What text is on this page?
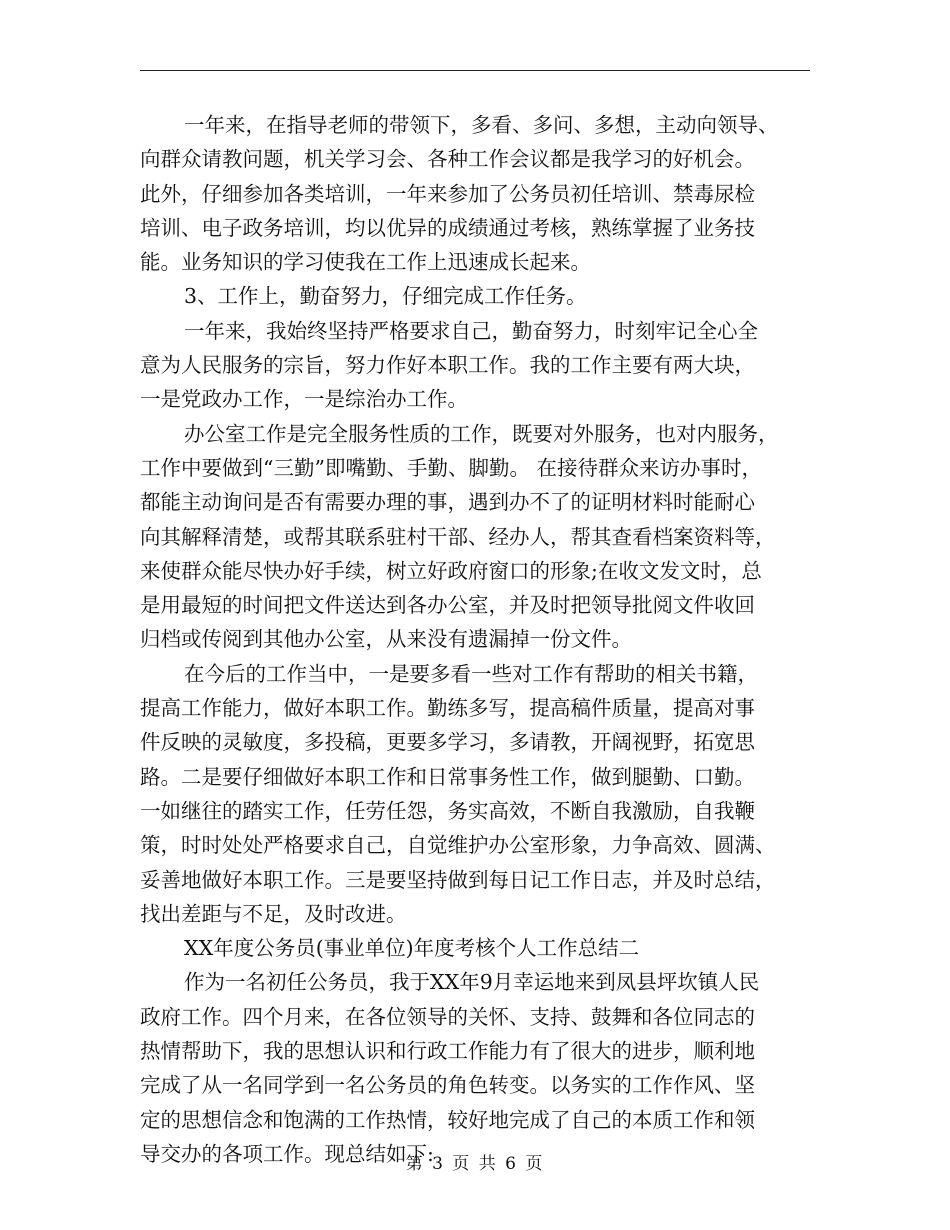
一年来，在指导老师的带领下，多看、多问、多想，主动向领导、
向群众请教问题，机关学习会、各种工作会议都是我学习的好机会。
此外，仔细参加各类培训，一年来参加了公务员初任培训、禁毒尿检
培训、电子政务培训，均以优异的成绩通过考核，熟练掌握了业务技
能。业务知识的学习使我在工作上迅速成长起来。
3、工作上，勤奋努力，仔细完成工作任务。
一年来，我始终坚持严格要求自己，勤奋努力，时刻牢记全心全
意为人民服务的宗旨，努力作好本职工作。我的工作主要有两大块，
一是党政办工作，一是综治办工作。
办公室工作是完全服务性质的工作，既要对外服务，也对内服务，
工作中要做到“三勤”即嘴勤、手勤、脚勤。 在接待群众来访办事时，
都能主动询问是否有需要办理的事，遇到办不了的证明材料时能耐心
向其解释清楚，或帮其联系驻村干部、经办人，帮其查看档案资料等，
来使群众能尽快办好手续，树立好政府窗口的形象;在收文发文时，总
是用最短的时间把文件送达到各办公室，并及时把领导批阅文件收回
归档或传阅到其他办公室，从来没有遗漏掉一份文件。
在今后的工作当中，一是要多看一些对工作有帮助的相关书籍，
提高工作能力，做好本职工作。勤练多写，提高稿件质量，提高对事
件反映的灵敏度，多投稿，更要多学习，多请教，开阔视野，拓宽思
路。二是要仔细做好本职工作和日常事务性工作，做到腿勤、口勤。
一如继往的踏实工作，任劳任怨，务实高效，不断自我激励，自我鞭
策，时时处处严格要求自己，自觉维护办公室形象，力争高效、圆满、
妥善地做好本职工作。三是要坚持做到每日记工作日志，并及时总结，
找出差距与不足，及时改进。
XX年度公务员(事业单位)年度考核个人工作总结二
作为一名初任公务员，我于XX年9月幸运地来到凤县坪坎镇人民
政府工作。四个月来，在各位领导的关怀、支持、鼓舞和各位同志的
热情帮助下，我的思想认识和行政工作能力有了很大的进步，顺利地
完成了从一名同学到一名公务员的角色转变。以务实的工作作风、坚
定的思想信念和饱满的工作热情，较好地完成了自己的本质工作和领
导交办的各项工作。现总结如下:
第 3 页 共 6 页
